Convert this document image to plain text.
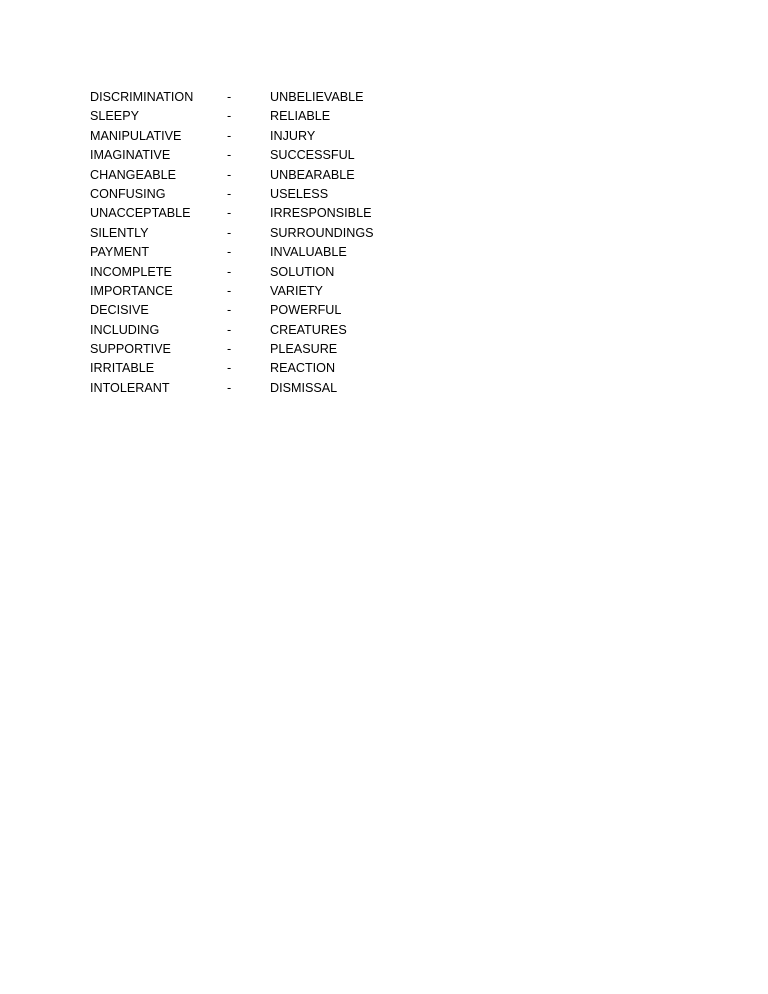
DISCRIMINATION	-	UNBELIEVABLE
SLEEPY	-	RELIABLE
MANIPULATIVE	-	INJURY
IMAGINATIVE	-	SUCCESSFUL
CHANGEABLE	-	UNBEARABLE
CONFUSING	-	USELESS
UNACCEPTABLE	-	IRRESPONSIBLE
SILENTLY	-	SURROUNDINGS
PAYMENT	-	INVALUABLE
INCOMPLETE	-	SOLUTION
IMPORTANCE	-	VARIETY
DECISIVE	-	POWERFUL
INCLUDING	-	CREATURES
SUPPORTIVE	-	PLEASURE
IRRITABLE	-	REACTION
INTOLERANT	-	DISMISSAL
